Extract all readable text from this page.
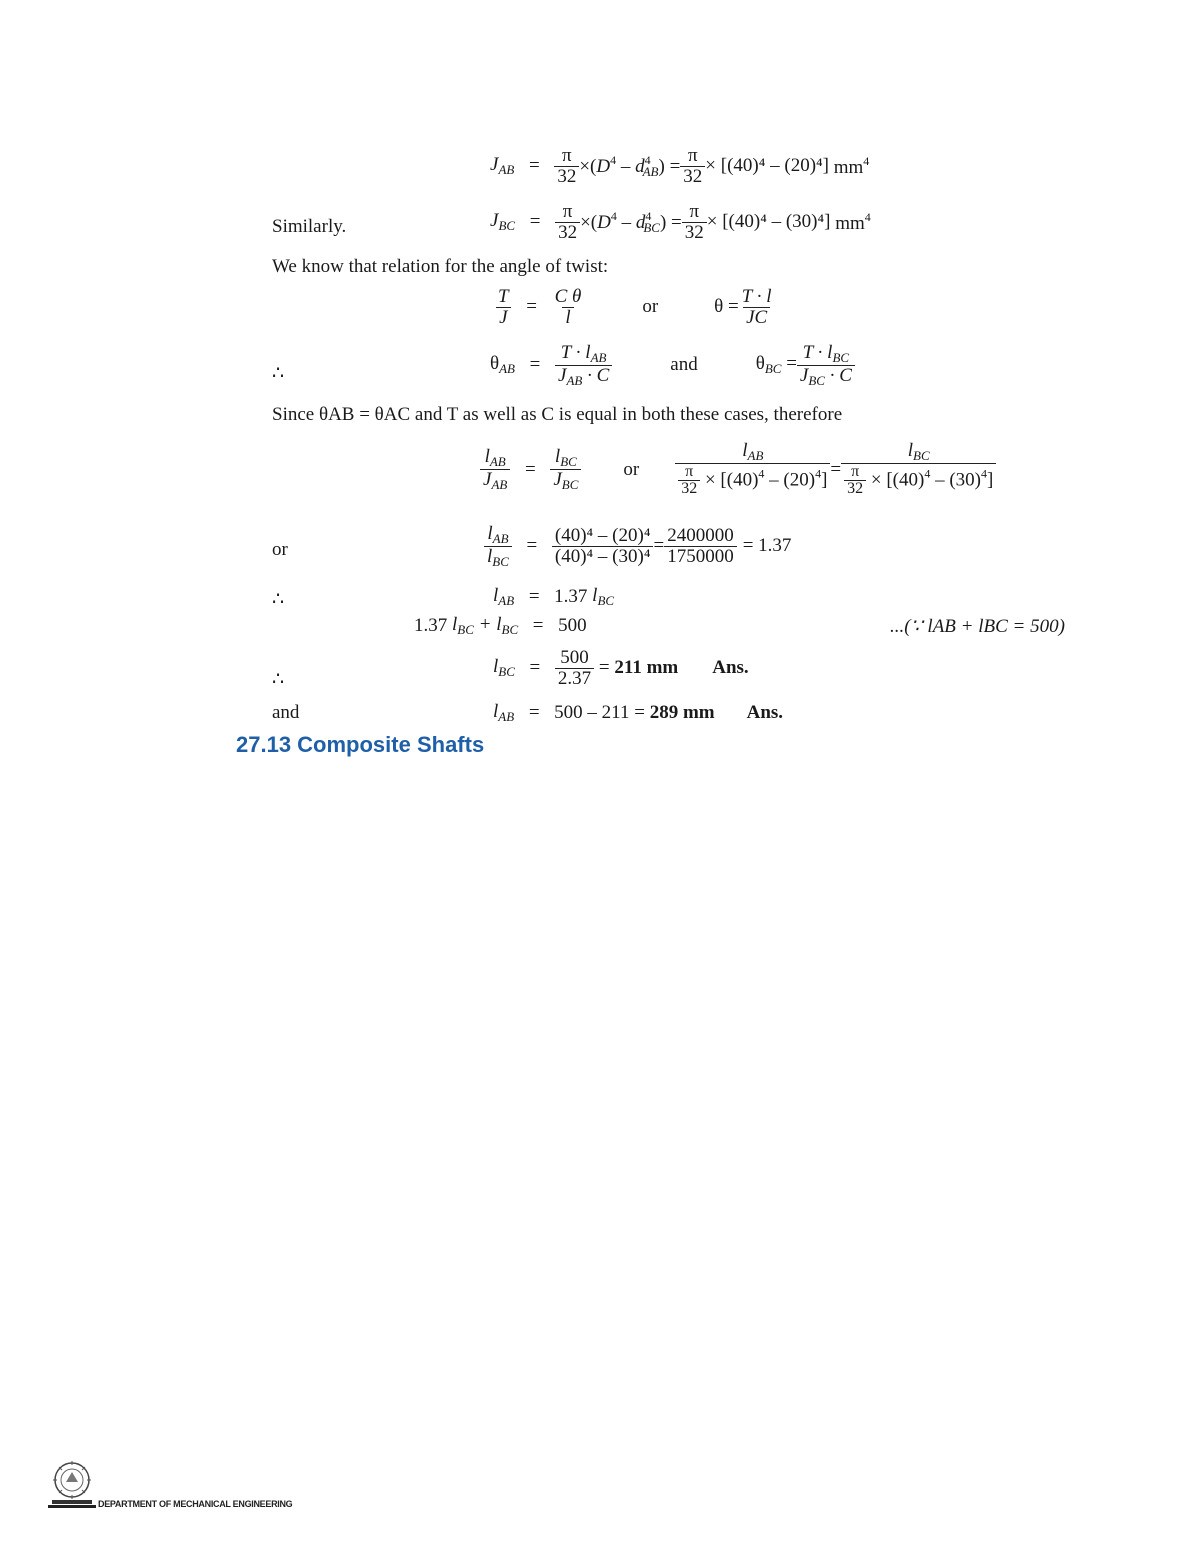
$J_{AB} = \frac{\pi}{32} \times(D^4 - d^4_{AB}) = \frac{\pi}{32} \times [(40)^4 - (20)^4]$ $mm^4$
Similarly.	$J_{BC} = \frac{\pi}{32} \times(D^4 - d^4_{BC}) = \frac{\pi}{32} \times [(40)^4 - (30)^4]$ $mm^4$
We know that relation for the angle of twist:
$\frac{T}{J} = \frac{\text{C θ}}{l}$	or	$\theta = \frac{T \cdot l}{JC}$
∴	$\theta_{AB} = \frac{T \cdot l_{AB}}{J_{AB} \cdot C}$	and	$\theta_{BC} = \frac{T \cdot l_{BC}}{J_{BC} \cdot C}$
Since θAB = θAC and T as well as C is equal in both these cases, therefore
$\frac{l_{AB}}{J_{AB}} = \frac{l_{BC}}{J_{BC}}$ or $\frac{l_{AB}}{\frac{\pi}{32} \times [(40)^4 - (20)^4]} = \frac{l_{BC}}{\frac{\pi}{32} \times [(40)^4 - (30)^4]}$
or	$\frac{l_{AB}}{l_{BC}} = \frac{\text{(40)⁴ – (20)⁴}}{\text{(40)⁴ – (30)⁴}} = \frac{2400000}{1750000} = 1.37$
∴	$l_{AB} = 1.37$ $l_{BC}$
1.37 $l_{BC} + l_{BC} = 500$	...(∵ lAB + lBC = 500)
∴
$l_{BC} = \frac{500}{2.37} = 211$ mm Ans.
and	$l_{AB} = 500 - 211$ =
289 mm Ans.
27.13 Composite Shafts
DEPARTMENT OF MECHANICAL ENGINEERING
